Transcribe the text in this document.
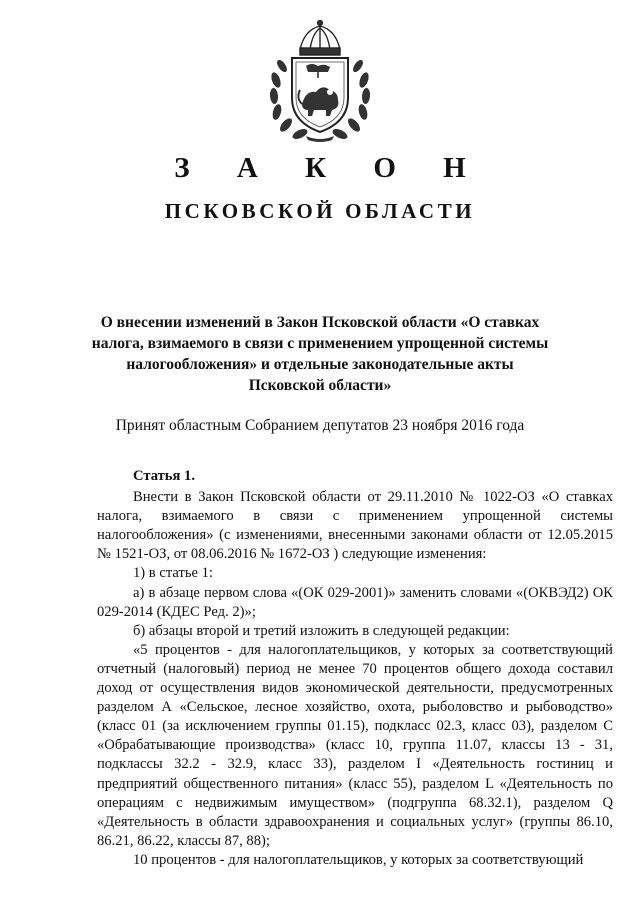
З А К О Н
ПСКОВСКОЙ ОБЛАСТИ
О внесении изменений в Закон Псковской области «О ставках налога, взимаемого в связи с применением упрощенной системы налогообложения» и отдельные законодательные акты Псковской области»
Принят областным Собранием депутатов 23 ноября 2016 года

Статья 1.

Внести в Закон Псковской области от 29.11.2010 № 1022-ОЗ «О ставках налога, взимаемого в связи с применением упрощенной системы налогообложения» (с изменениями, внесенными законами области от 12.05.2015 № 1521-ОЗ, от 08.06.2016 № 1672-ОЗ ) следующие изменения:

1) в статье 1:

а) в абзаце первом слова «(ОК 029-2001)» заменить словами «(ОКВЭД2) ОК 029-2014 (КДЕС Ред. 2)»;

б) абзацы второй и третий изложить в следующей редакции:

«5 процентов - для налогоплательщиков, у которых за соответствующий отчетный (налоговый) период не менее 70 процентов общего дохода составил доход от осуществления видов экономической деятельности, предусмотренных разделом А «Сельское, лесное хозяйство, охота, рыболовство и рыбоводство» (класс 01 (за исключением группы 01.15), подкласс 02.3, класс 03), разделом С «Обрабатывающие производства» (класс 10, группа 11.07, классы 13 - 31, подклассы 32.2 - 32.9, класс 33), разделом I «Деятельность гостиниц и предприятий общественного питания» (класс 55), разделом L «Деятельность по операциям с недвижимым имуществом» (подгруппа 68.32.1), разделом Q «Деятельность в области здравоохранения и социальных услуг» (группы 86.10, 86.21, 86.22, классы 87, 88);

10 процентов - для налогоплательщиков, у которых за соответствующий
